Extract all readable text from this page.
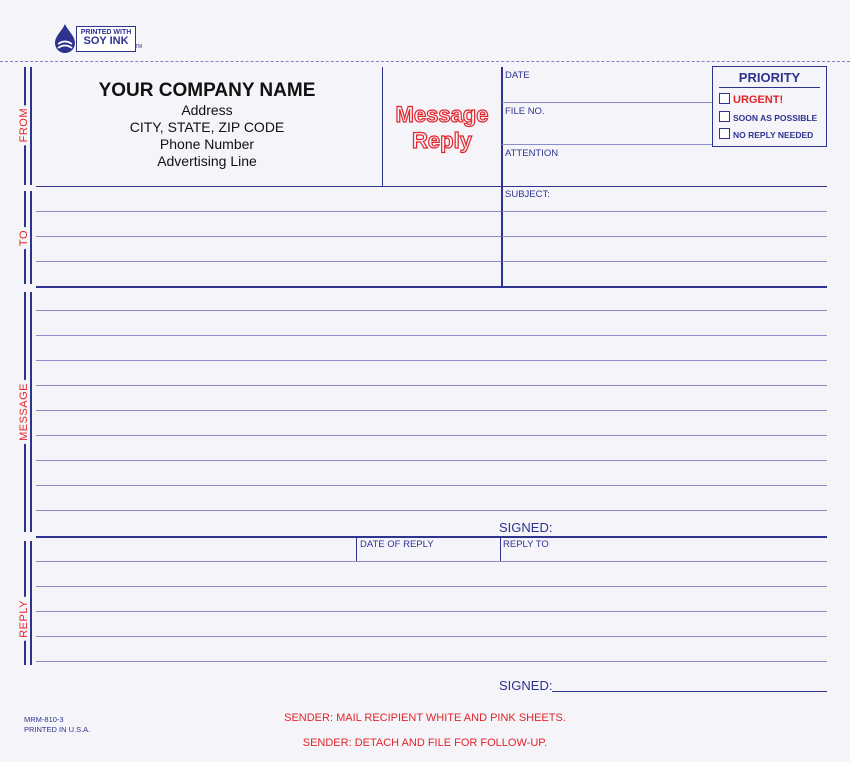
PRINTED WITH
SOY INK	TM
FROM
YOUR COMPANY NAME
Address
CITY, STATE, ZIP CODE
Phone Number
Advertising Line
Message
Reply
DATE
FILE NO.
ATTENTION
PRIORITY
URGENT!
SOON AS POSSIBLE
NO REPLY NEEDED
TO
SUBJECT:
MESSAGE
SIGNED:
REPLY
DATE OF REPLY	REPLY TO
SIGNED:
MRM-810-3
PRINTED IN U.S.A.
SENDER: MAIL RECIPIENT WHITE AND PINK SHEETS.
SENDER: DETACH AND FILE FOR FOLLOW-UP.
